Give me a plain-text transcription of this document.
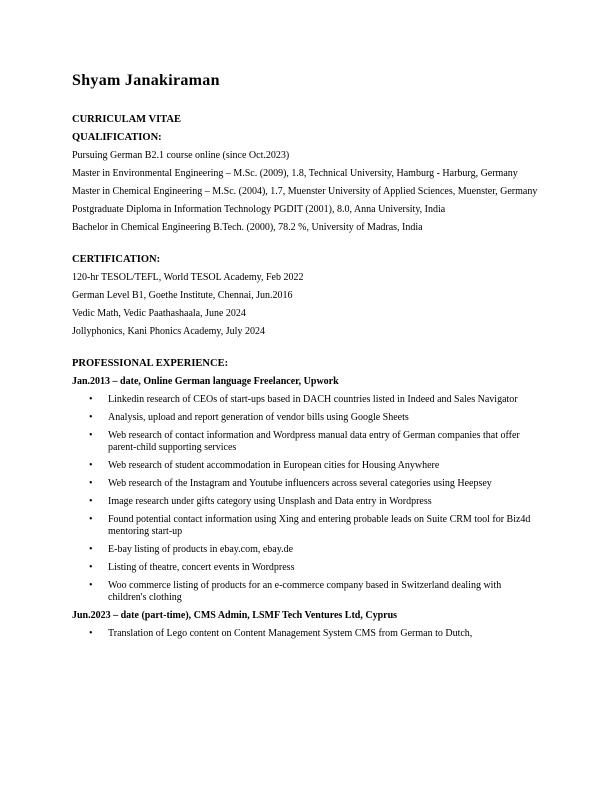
Shyam Janakiraman
CURRICULAM VITAE
QUALIFICATION:
Pursuing German B2.1 course online (since Oct.2023)
Master in Environmental Engineering – M.Sc. (2009), 1.8, Technical University, Hamburg - Harburg, Germany
Master in Chemical Engineering – M.Sc. (2004), 1.7, Muenster University of Applied Sciences, Muenster, Germany
Postgraduate Diploma in Information Technology PGDIT (2001), 8.0, Anna University, India
Bachelor in Chemical Engineering B.Tech. (2000), 78.2 %, University of Madras, India
CERTIFICATION:
120-hr TESOL/TEFL, World TESOL Academy, Feb 2022
German Level B1, Goethe Institute, Chennai, Jun.2016
Vedic Math, Vedic Paathashaala, June 2024
Jollyphonics, Kani Phonics Academy, July 2024
PROFESSIONAL EXPERIENCE:
Jan.2013 – date, Online German language Freelancer, Upwork
• Linkedin research of CEOs of start-ups based in DACH countries listed in Indeed and Sales Navigator
• Analysis, upload and report generation of vendor bills using Google Sheets
• Web research of contact information and Wordpress manual data entry of German companies that offer parent-child supporting services
• Web research of student accommodation in European cities for Housing Anywhere
• Web research of the Instagram and Youtube influencers across several categories using Heepsey
• Image research under gifts category using Unsplash and Data entry in Wordpress
• Found potential contact information using Xing and entering probable leads on Suite CRM tool for Biz4d mentoring start-up
• E-bay listing of products in ebay.com, ebay.de
• Listing of theatre, concert events in Wordpress
• Woo commerce listing of products for an e-commerce company based in Switzerland dealing with children's clothing
Jun.2023 – date (part-time), CMS Admin, LSMF Tech Ventures Ltd, Cyprus
• Translation of Lego content on Content Management System CMS from German to Dutch,
